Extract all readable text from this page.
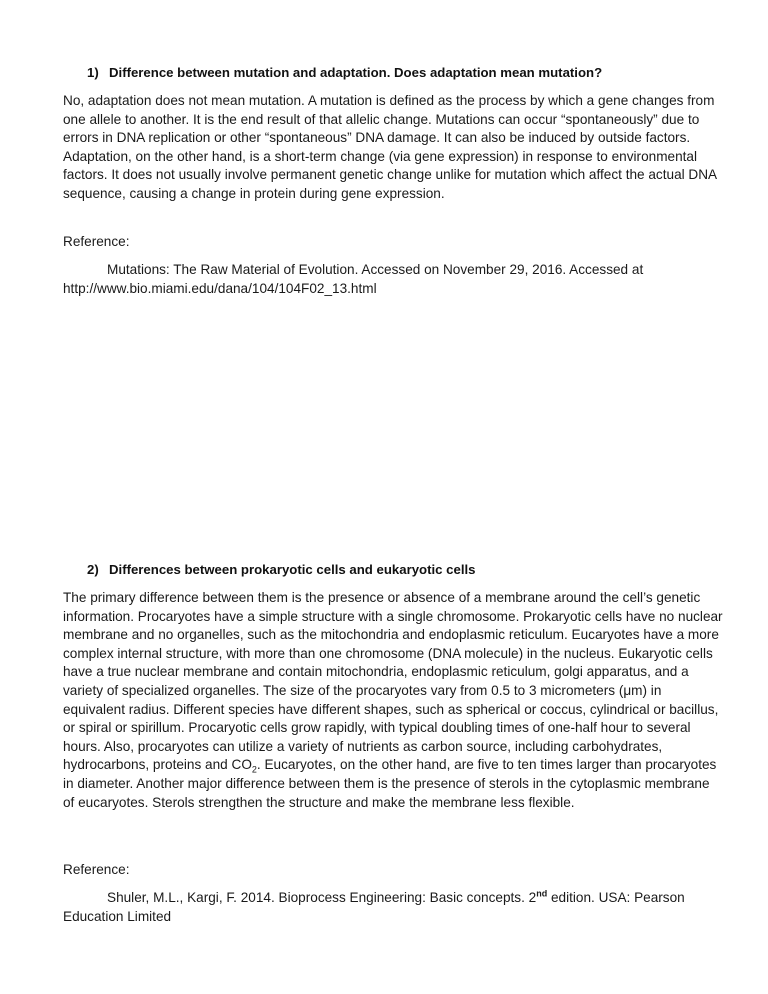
1) Difference between mutation and adaptation. Does adaptation mean mutation?

No, adaptation does not mean mutation. A mutation is defined as the process by which a gene changes from one allele to another. It is the end result of that allelic change. Mutations can occur “spontaneously” due to errors in DNA replication or other “spontaneous” DNA damage. It can also be induced by outside factors. Adaptation, on the other hand, is a short-term change (via gene expression) in response to environmental factors. It does not usually involve permanent genetic change unlike for mutation which affect the actual DNA sequence, causing a change in protein during gene expression.

Reference:

Mutations: The Raw Material of Evolution. Accessed on November 29, 2016. Accessed at http://www.bio.miami.edu/dana/104/104F02_13.html

2) Differences between prokaryotic cells and eukaryotic cells

The primary difference between them is the presence or absence of a membrane around the cell’s genetic information. Procaryotes have a simple structure with a single chromosome. Prokaryotic cells have no nuclear membrane and no organelles, such as the mitochondria and endoplasmic reticulum. Eucaryotes have a more complex internal structure, with more than one chromosome (DNA molecule) in the nucleus. Eukaryotic cells have a true nuclear membrane and contain mitochondria, endoplasmic reticulum, golgi apparatus, and a variety of specialized organelles. The size of the procaryotes vary from 0.5 to 3 micrometers (μm) in equivalent radius. Different species have different shapes, such as spherical or coccus, cylindrical or bacillus, or spiral or spirillum. Procaryotic cells grow rapidly, with typical doubling times of one-half hour to several hours. Also, procaryotes can utilize a variety of nutrients as carbon source, including carbohydrates, hydrocarbons, proteins and $CO_2$. Eucaryotes, on the other hand, are five to ten times larger than procaryotes in diameter. Another major difference between them is the presence of sterols in the cytoplasmic membrane of eucaryotes. Sterols strengthen the structure and make the membrane less flexible.

Reference:

Shuler, M.L., Kargi, F. 2014. Bioprocess Engineering: Basic concepts. 2nd edition. USA: Pearson Education Limited
